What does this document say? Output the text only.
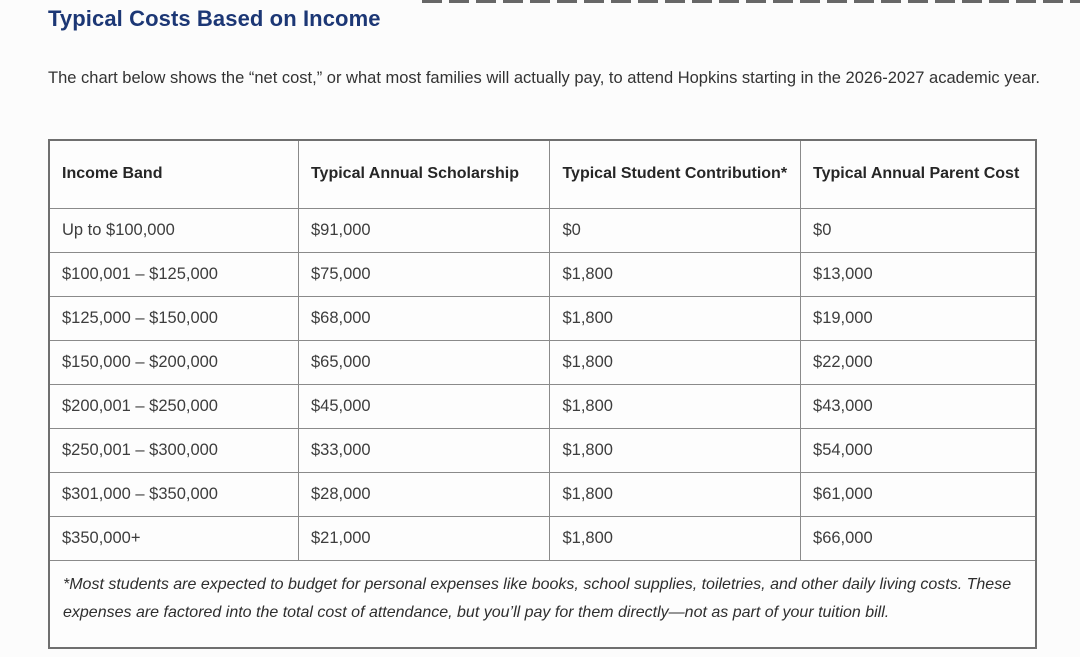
Typical Costs Based on Income

The chart below shows the “net cost,” or what most families will actually pay, to attend Hopkins starting in the 2026-2027 academic year.

Income Band	Typical Annual Scholarship	Typical Student Contribution*	Typical Annual Parent Cost
Up to $100,000	$91,000	$0	$0
$100,001 – $125,000	$75,000	$1,800	$13,000
$125,000 – $150,000	$68,000	$1,800	$19,000
$150,000 – $200,000	$65,000	$1,800	$22,000
$200,001 – $250,000	$45,000	$1,800	$43,000
$250,001 – $300,000	$33,000	$1,800	$54,000
$301,000 – $350,000	$28,000	$1,800	$61,000
$350,000+	$21,000	$1,800	$66,000
*Most students are expected to budget for personal expenses like books, school supplies, toiletries, and other daily living costs. These expenses are factored into the total cost of attendance, but you’ll pay for them directly—not as part of your tuition bill.			
